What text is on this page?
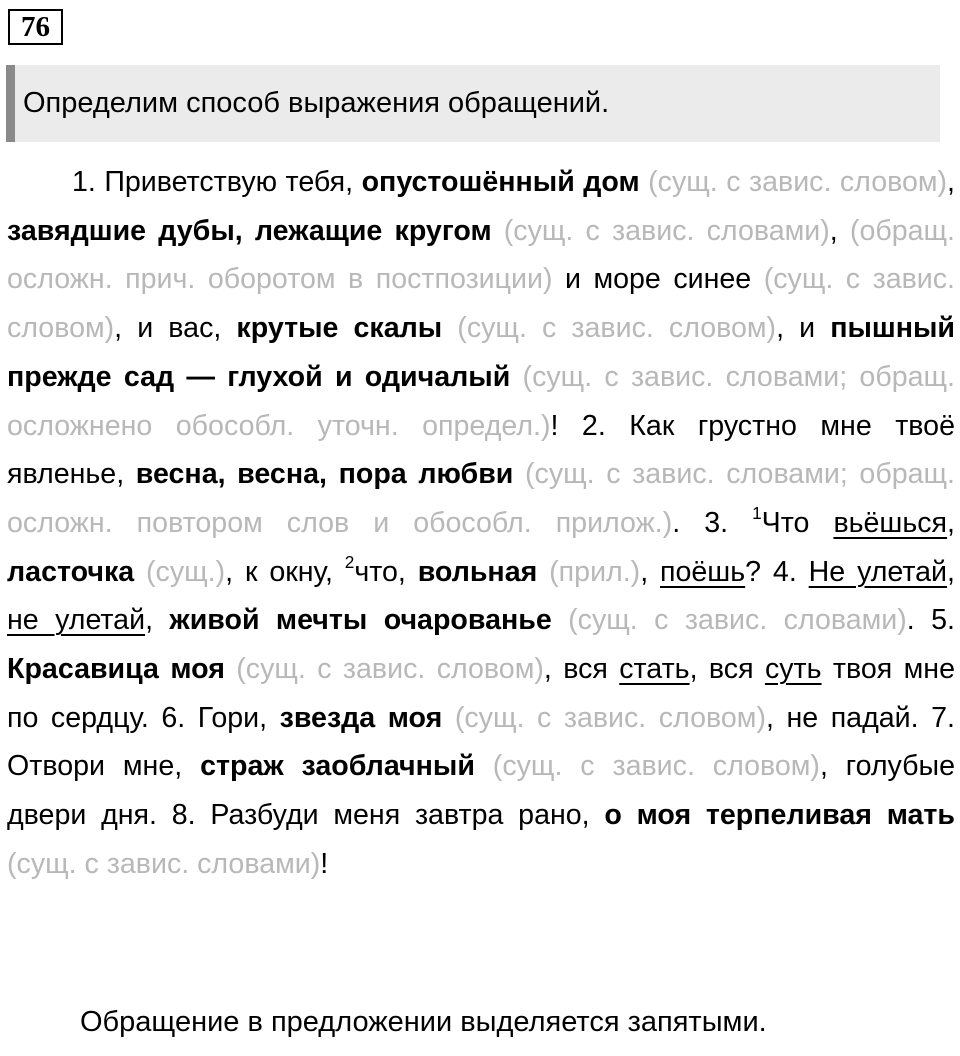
76
Определим способ выражения обращений.
1. Приветствую тебя, опустошённый дом (сущ. с завис. словом), завядшие дубы, лежащие кругом (сущ. с завис. словами), (обращ. осложн. прич. оборотом в постпозиции) и море синее (сущ. с завис. словом), и вас, крутые скалы (сущ. с завис. словом), и пышный прежде сад — глухой и одичалый (сущ. с завис. словами; обращ. осложнено обособл. уточн. определ.)! 2. Как грустно мне твоё явленье, весна, весна, пора любви (сущ. с завис. словами; обращ. осложн. повтором слов и обособл. прилож.). 3. $^1$Что вьёшься, ласточка (сущ.), к окну, $^2$что, вольная (прил.), поёшь? 4. Не улетай, не улетай, живой мечты очарованье (сущ. с завис. словами). 5. Красавица моя (сущ. с завис. словом), вся стать, вся суть твоя мне по сердцу. 6. Гори, звезда моя (сущ. с завис. словом), не падай. 7. Отвори мне, страж заоблачный (сущ. с завис. словом), голубые двери дня. 8. Разбуди меня завтра рано, о моя терпеливая мать (сущ. с завис. словами)!
Обращение в предложении выделяется запятыми.
